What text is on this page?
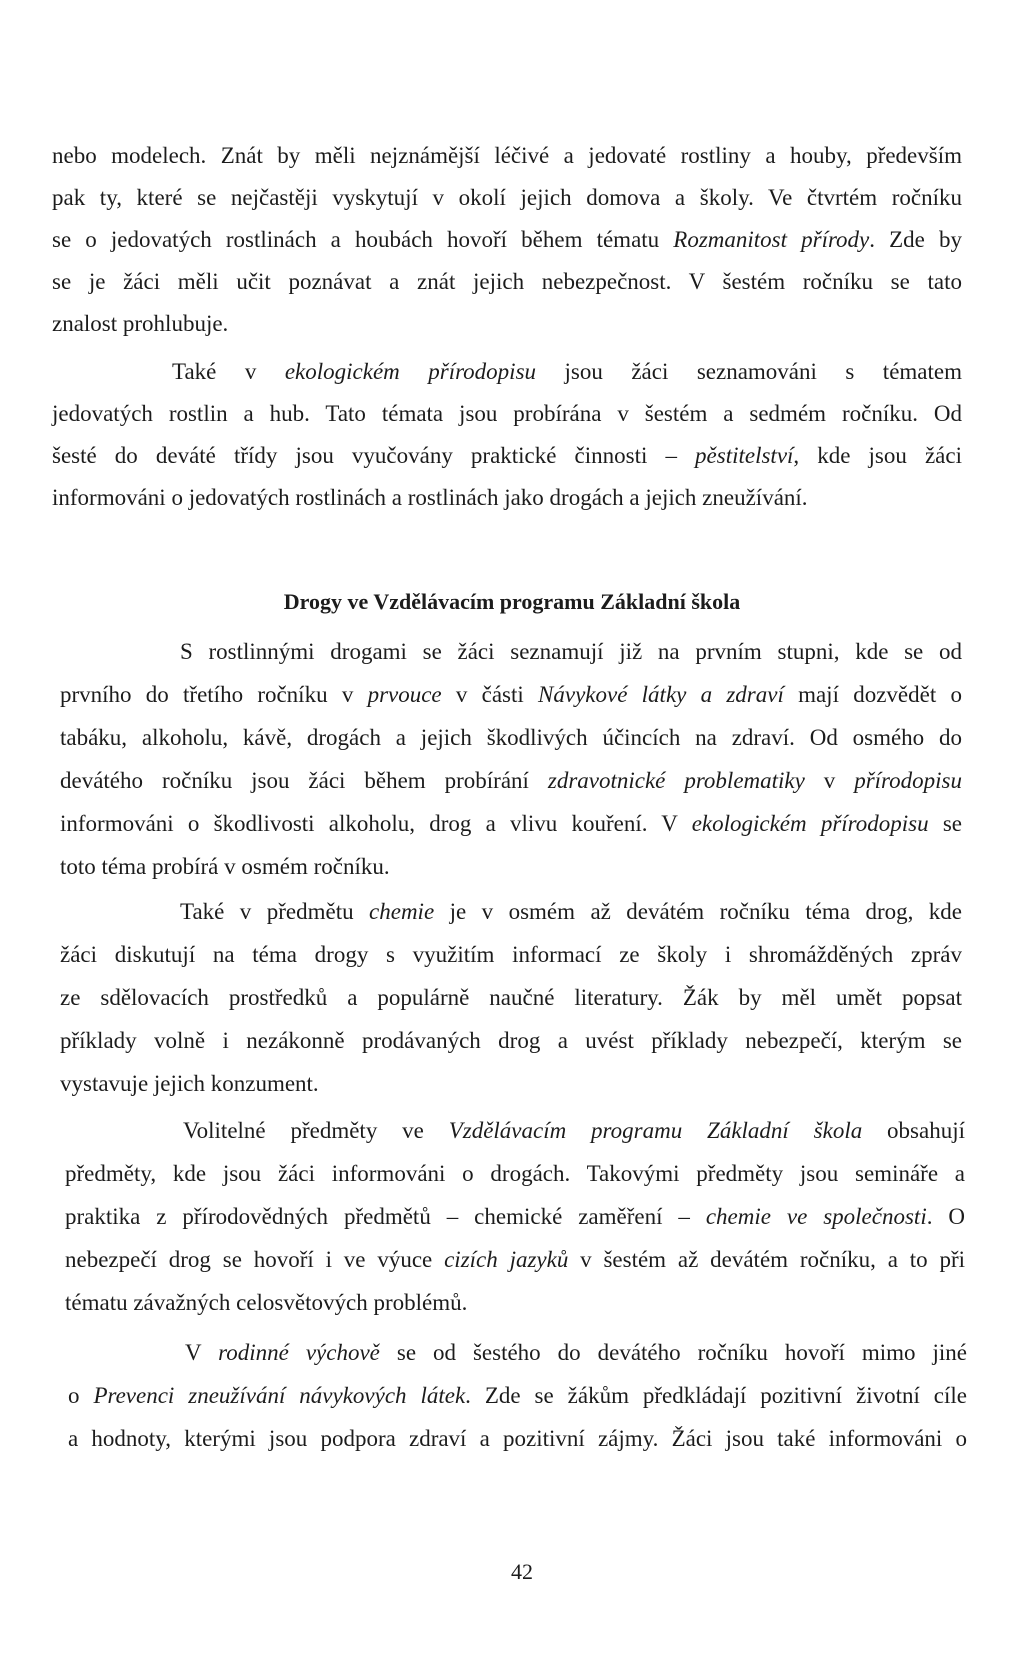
nebo modelech. Znát by měli nejznámější léčivé a jedovaté rostliny a houby, především
pak ty, které se nejčastěji vyskytují v okolí jejich domova a školy. Ve čtvrtém ročníku
se o jedovatých rostlinách a houbách hovoří během tématu Rozmanitost přírody. Zde by
se je žáci měli učit poznávat a znát jejich nebezpečnost. V šestém ročníku se tato
znalost prohlubuje.
Také v ekologickém přírodopisu jsou žáci seznamováni s tématem
jedovatých rostlin a hub. Tato témata jsou probírána v šestém a sedmém ročníku. Od
šesté do deváté třídy jsou vyučovány praktické činnosti – pěstitelství, kde jsou žáci
informováni o jedovatých rostlinách a rostlinách jako drogách a jejich zneužívání.
Drogy ve Vzdělávacím programu Základní škola
S rostlinnými drogami se žáci seznamují již na prvním stupni, kde se od
prvního do třetího ročníku v prvouce v části Návykové látky a zdraví mají dozvědět o
tabáku, alkoholu, kávě, drogách a jejich škodlivých účincích na zdraví. Od osmého do
devátého ročníku jsou žáci během probírání zdravotnické problematiky v přírodopisu
informováni o škodlivosti alkoholu, drog a vlivu kouření. V ekologickém přírodopisu se
toto téma probírá v osmém ročníku.
Také v předmětu chemie je v osmém až devátém ročníku téma drog, kde
žáci diskutují na téma drogy s využitím informací ze školy i shromážděných zpráv
ze sdělovacích prostředků a populárně naučné literatury. Žák by měl umět popsat
příklady volně i nezákonně prodávaných drog a uvést příklady nebezpečí, kterým se
vystavuje jejich konzument.
Volitelné předměty ve Vzdělávacím programu Základní škola obsahují
předměty, kde jsou žáci informováni o drogách. Takovými předměty jsou semináře a
praktika z přírodovědných předmětů – chemické zaměření – chemie ve společnosti. O
nebezpečí drog se hovoří i ve výuce cizích jazyků v šestém až devátém ročníku, a to při
tématu závažných celosvětových problémů.
V rodinné výchově se od šestého do devátého ročníku hovoří mimo jiné
o Prevenci zneužívání návykových látek. Zde se žákům předkládají pozitivní životní cíle
a hodnoty, kterými jsou podpora zdraví a pozitivní zájmy. Žáci jsou také informováni o
42
